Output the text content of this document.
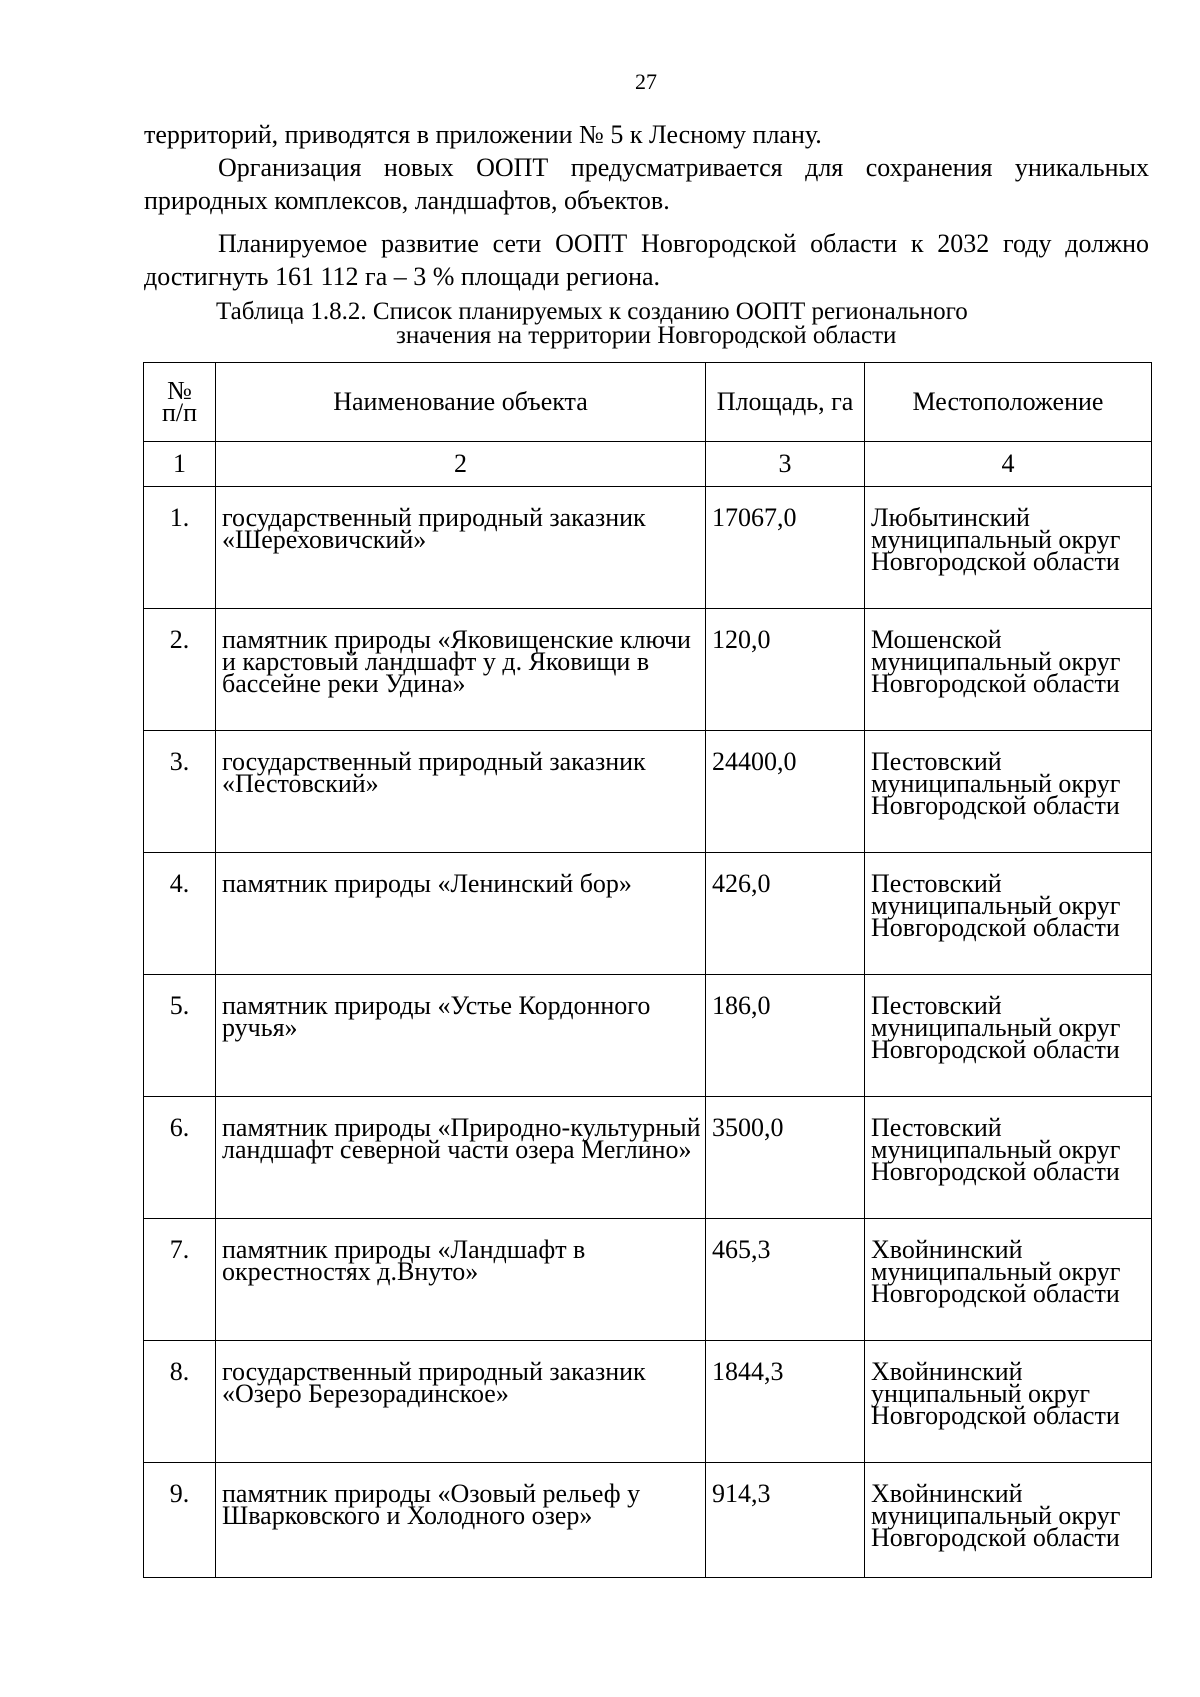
27

территорий, приводятся в приложении № 5 к Лесному плану.

Организация новых ООПТ предусматривается для сохранения уникальных природных комплексов, ландшафтов, объектов.

Планируемое развитие сети ООПТ Новгородской области к 2032 году должно достигнуть 161 112 га – 3 % площади региона.

Таблица 1.8.2. Список планируемых к созданию ООПТ регионального
значения на территории Новгородской области
№ п/п	Наименование объекта	Площадь, га	Местоположение
1	2	3	4
1.	государственный природный заказник «Шереховичский»	17067,0	Любытинский муниципальный округ Новгородской области
2.	памятник природы «Яковищенские ключи и карстовый ландшафт у д. Яковищи в бассейне реки Удина»	120,0	Мошенской муниципальный округ Новгородской области
3.	государственный природный заказник «Пестовский»	24400,0	Пестовский муниципальный округ Новгородской области
4.	памятник природы «Ленинский бор»	426,0	Пестовский муниципальный округ Новгородской области
5.	памятник природы «Устье Кордонного ручья»	186,0	Пестовский муниципальный округ Новгородской области
6.	памятник природы «Природно-культурный ландшафт северной части озера Меглино»	3500,0	Пестовский муниципальный округ Новгородской области
7.	памятник природы «Ландшафт в окрестностях д.Внуто»	465,3	Хвойнинский муниципальный округ Новгородской области
8.	государственный природный заказник «Озеро Березорадинское»	1844,3	Хвойнинский унципальный округ Новгородской области
9.	памятник природы «Озовый рельеф у Шварковского и Холодного озер»	914,3	Хвойнинский муниципальный округ Новгородской области
